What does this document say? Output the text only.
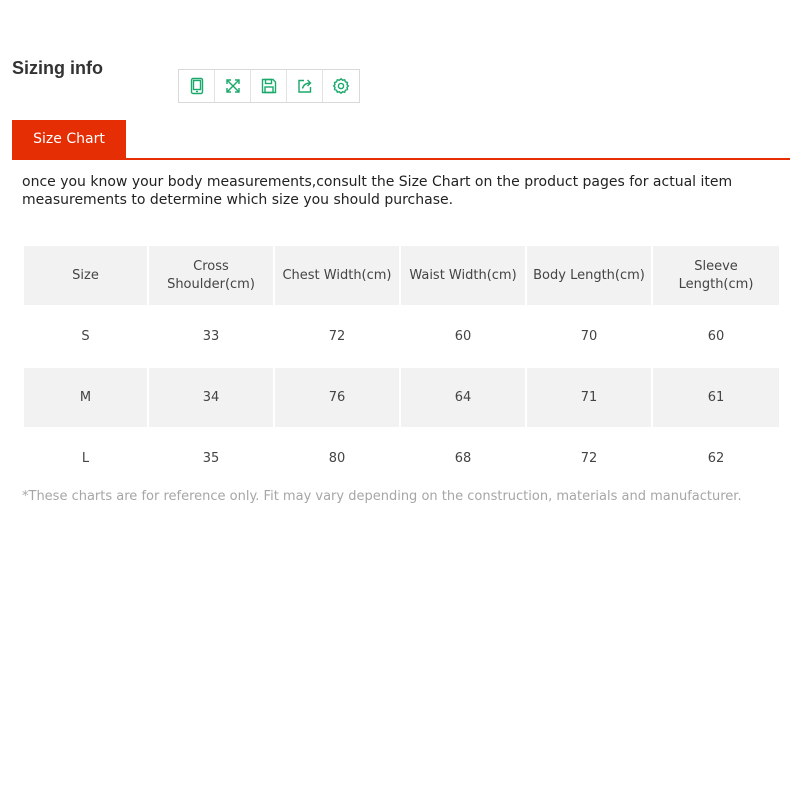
Sizing info
Size Chart
once you know your body measurements,consult the Size Chart on the product pages for actual item measurements to determine which size you should purchase.
Size	Cross Shoulder(cm)	Chest Width(cm)	Waist Width(cm)	Body Length(cm)	Sleeve Length(cm)
S	33	72	60	70	60
M	34	76	64	71	61
L	35	80	68	72	62
*These charts are for reference only. Fit may vary depending on the construction, materials and manufacturer.
